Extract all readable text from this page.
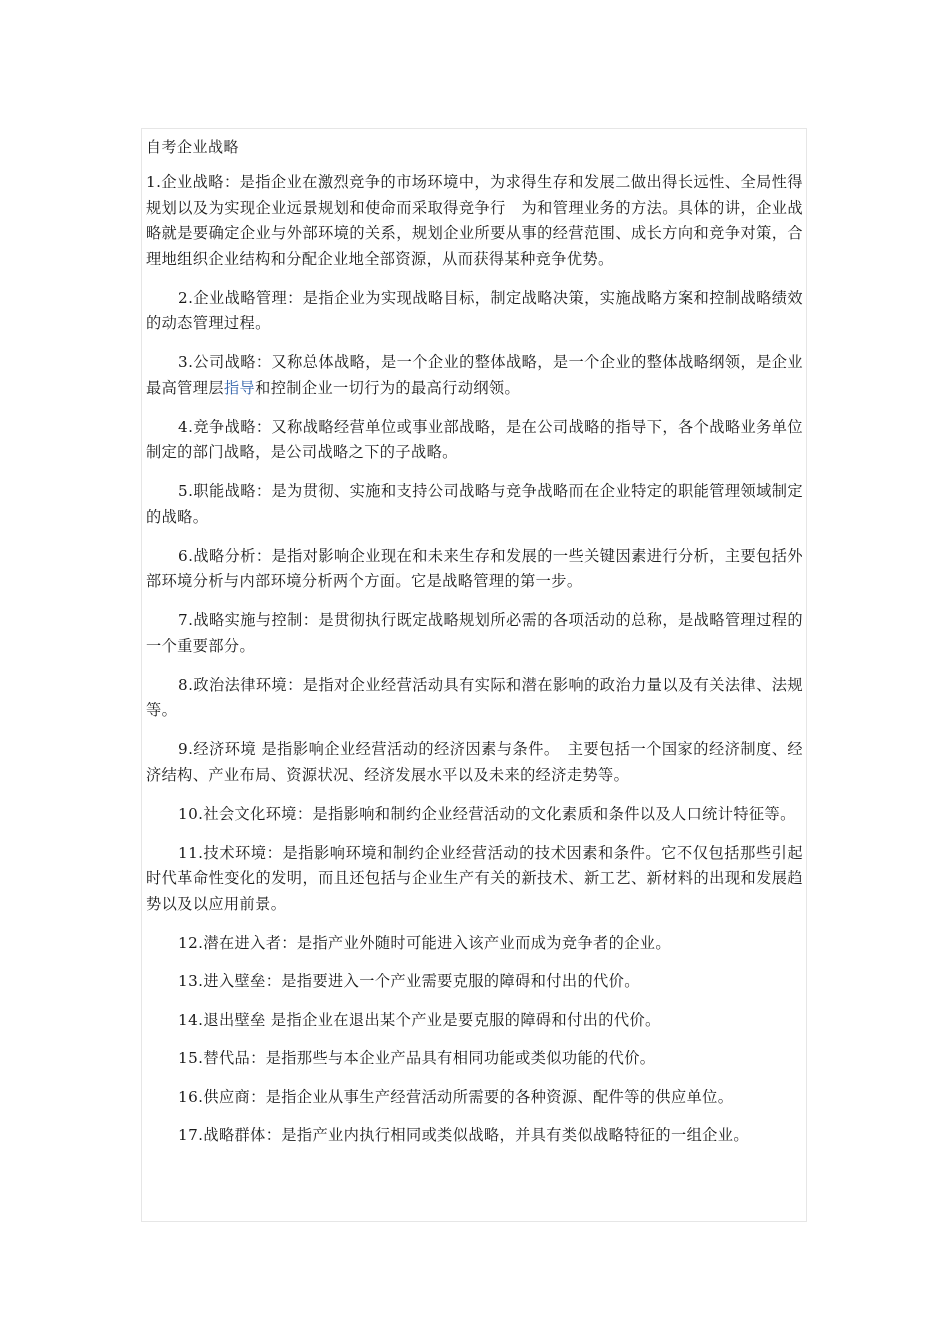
自考企业战略

1.企业战略：是指企业在激烈竞争的市场环境中，为求得生存和发展二做出得长远性、全局性得规划以及为实现企业远景规划和使命而采取得竞争行　为和管理业务的方法。具体的讲，企业战略就是要确定企业与外部环境的关系，规划企业所要从事的经营范围、成长方向和竞争对策，合理地组织企业结构和分配企业地全部资源，从而获得某种竞争优势。

2.企业战略管理：是指企业为实现战略目标，制定战略决策，实施战略方案和控制战略绩效的动态管理过程。

3.公司战略：又称总体战略，是一个企业的整体战略，是一个企业的整体战略纲领，是企业最高管理层指导和控制企业一切行为的最高行动纲领。

4.竞争战略：又称战略经营单位或事业部战略，是在公司战略的指导下，各个战略业务单位制定的部门战略，是公司战略之下的子战略。

5.职能战略：是为贯彻、实施和支持公司战略与竞争战略而在企业特定的职能管理领域制定的战略。

6.战略分析：是指对影响企业现在和未来生存和发展的一些关键因素进行分析，主要包括外部环境分析与内部环境分析两个方面。它是战略管理的第一步。

7.战略实施与控制：是贯彻执行既定战略规划所必需的各项活动的总称，是战略管理过程的一个重要部分。

8.政治法律环境：是指对企业经营活动具有实际和潜在影响的政治力量以及有关法律、法规等。

9.经济环境 是指影响企业经营活动的经济因素与条件。　主要包括一个国家的经济制度、经济结构、产业布局、资源状况、经济发展水平以及未来的经济走势等。

10.社会文化环境：是指影响和制约企业经营活动的文化素质和条件以及人口统计特征等。

11.技术环境：是指影响环境和制约企业经营活动的技术因素和条件。它不仅包括那些引起时代革命性变化的发明，而且还包括与企业生产有关的新技术、新工艺、新材料的出现和发展趋势以及以应用前景。

12.潜在进入者：是指产业外随时可能进入该产业而成为竞争者的企业。

13.进入壁垒：是指要进入一个产业需要克服的障碍和付出的代价。

14.退出壁垒 是指企业在退出某个产业是要克服的障碍和付出的代价。

15.替代品：是指那些与本企业产品具有相同功能或类似功能的代价。

16.供应商：是指企业从事生产经营活动所需要的各种资源、配件等的供应单位。

17.战略群体：是指产业内执行相同或类似战略，并具有类似战略特征的一组企业。
